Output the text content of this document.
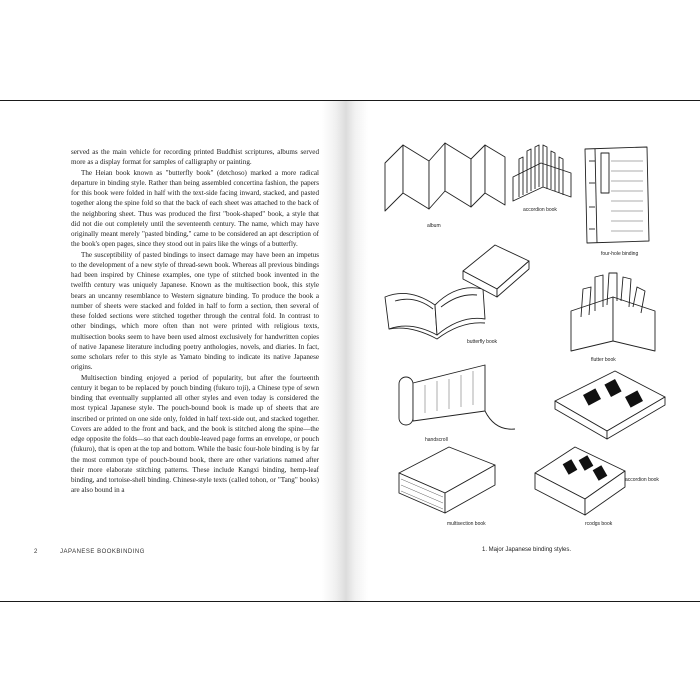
served as the main vehicle for recording printed Buddhist scriptures, albums served more as a display format for samples of calligraphy or painting.

The Heian book known as "butterfly book" (detchoso) marked a more radical departure in binding style. Rather than being assembled concertina fashion, the papers for this book were folded in half with the text-side facing inward, stacked, and pasted together along the spine fold so that the back of each sheet was attached to the back of the neighboring sheet. Thus was produced the first "book-shaped" book, a style that did not die out completely until the seventeenth century. The name, which may have originally meant merely "pasted binding," came to be considered an apt description of the book's open pages, since they stood out in pairs like the wings of a butterfly.

The susceptibility of pasted bindings to insect damage may have been an impetus to the development of a new style of thread-sewn book. Whereas all previous bindings had been inspired by Chinese examples, one type of stitched book invented in the twelfth century was uniquely Japanese. Known as the multisection book, this style bears an uncanny resemblance to Western signature binding. To produce the book a number of sheets were stacked and folded in half to form a section, then several of these folded sections were stitched together through the central fold. In contrast to other bindings, which more often than not were printed with religious texts, multisection books seem to have been used almost exclusively for handwritten copies of native Japanese literature including poetry anthologies, novels, and diaries. In fact, some scholars refer to this style as Yamato binding to indicate its native Japanese origins.

Multisection binding enjoyed a period of popularity, but after the fourteenth century it began to be replaced by pouch binding (fukuro toji), a Chinese type of sewn binding that eventually supplanted all other styles and even today is considered the most typical Japanese style. The pouch-bound book is made up of sheets that are inscribed or printed on one side only, folded in half text-side out, and stacked together. Covers are added to the front and back, and the book is stitched along the spine—the edge opposite the folds—so that each double-leaved page forms an envelope, or pouch (fukuro), that is open at the top and bottom. While the basic four-hole binding is by far the most common type of pouch-bound book, there are other variations named after their more elaborate stitching patterns. These include Kangxi binding, hemp-leaf binding, and tortoise-shell binding. Chinese-style texts (called tohon, or "Tang" books) are also bound in a

2	JAPANESE BOOKBINDING
album
accordion book
four-hole binding
butterfly book
flutter book
handscroll
accordion book
multisection book	rcodgs book
1. Major Japanese binding styles.
